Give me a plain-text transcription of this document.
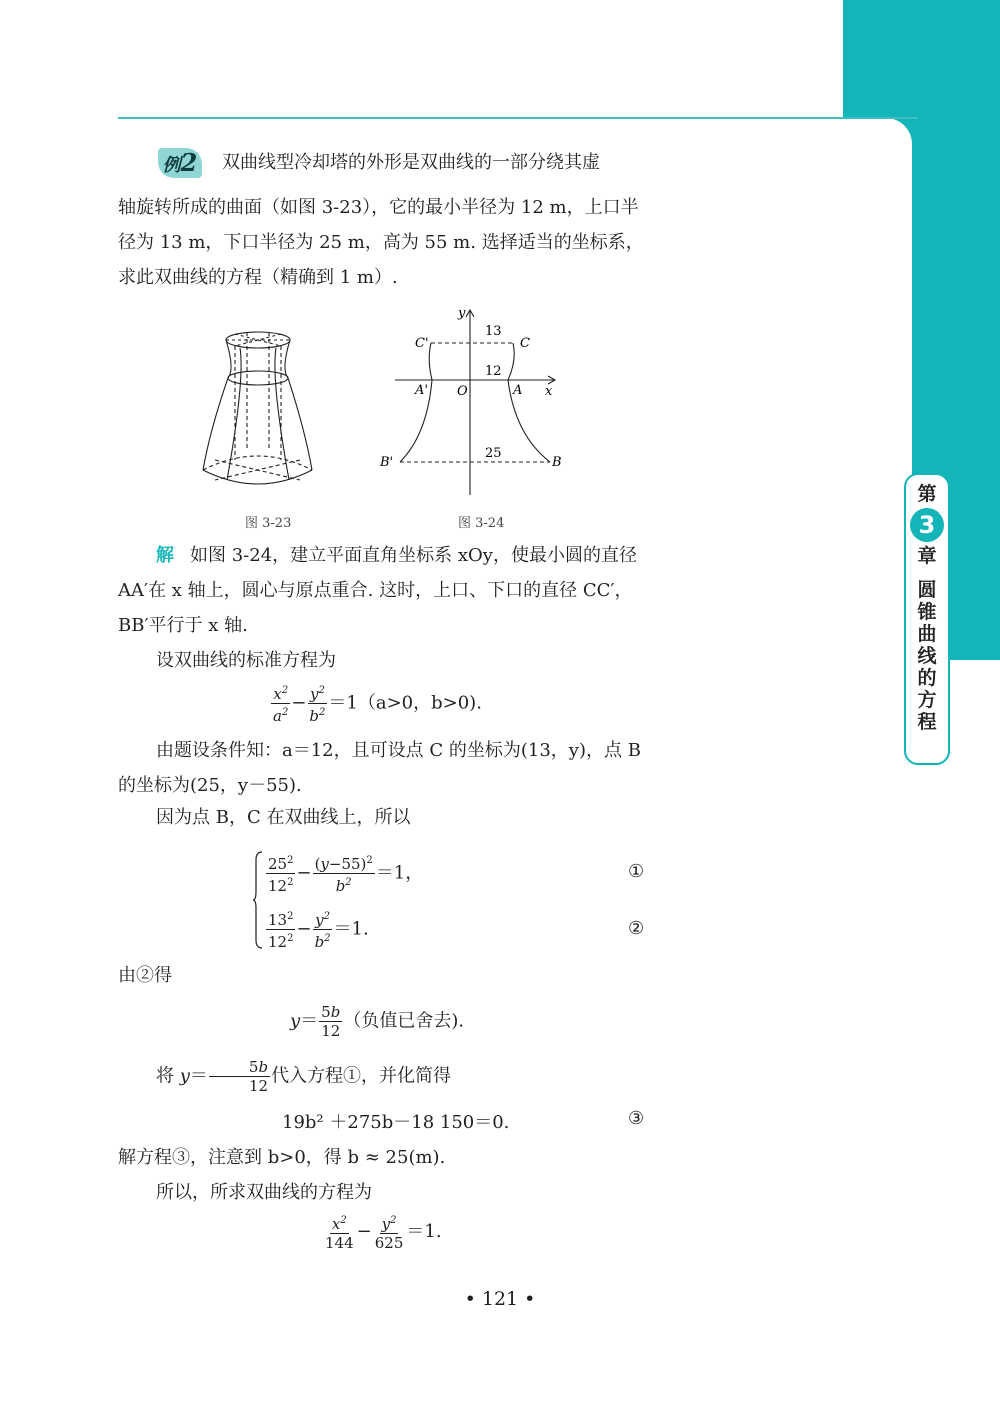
第
3
章
圆
锥
曲
线
的
方
程
例2 双曲线型冷却塔的外形是双曲线的一部分绕其虚
轴旋转所成的曲面（如图 3-23），它的最小半径为 12 m，上口半径为 13 m，下口半径为 25 m，高为 55 m. 选择适当的坐标系，求此双曲线的方程（精确到 1 m）.
y
x
O
C'	C
A'	A
B'	B
13
12
25
图 3-23	图 3-24
解 如图 3-24，建立平面直角坐标系 xOy，使最小圆的直径 AA′在 x 轴上，圆心与原点重合. 这时，上口、下口的直径 CC′，BB′平行于 x 轴.
设双曲线的标准方程为
$\frac{x^2}{a^2} - \frac{y^2}{b^2} =1(a>0$，b>0).
由题设条件知：a＝12，且可设点 C 的坐标为(13，y)，点 B 的坐标为(25，y－55).
因为点 B，C 在双曲线上，所以
$\frac{25^2}{12^2} - \frac{(y-55)^2}{b^2} =1$，	①
$\frac{13^2}{12^2} - \frac{y^2}{b^2} =1$.	②
由②得
$y= \frac{5b}{12}$ （负值已舍去).
将 $y= \frac{5b}{12}$ 代入方程①，并化简得
19b² ＋275b－18 150＝0.	③
解方程③，注意到 b>0，得 b ≈ 25(m).
所以，所求双曲线的方程为
$\frac{x^2}{144} - \frac{y^2}{625} =1$.
• 121 •
